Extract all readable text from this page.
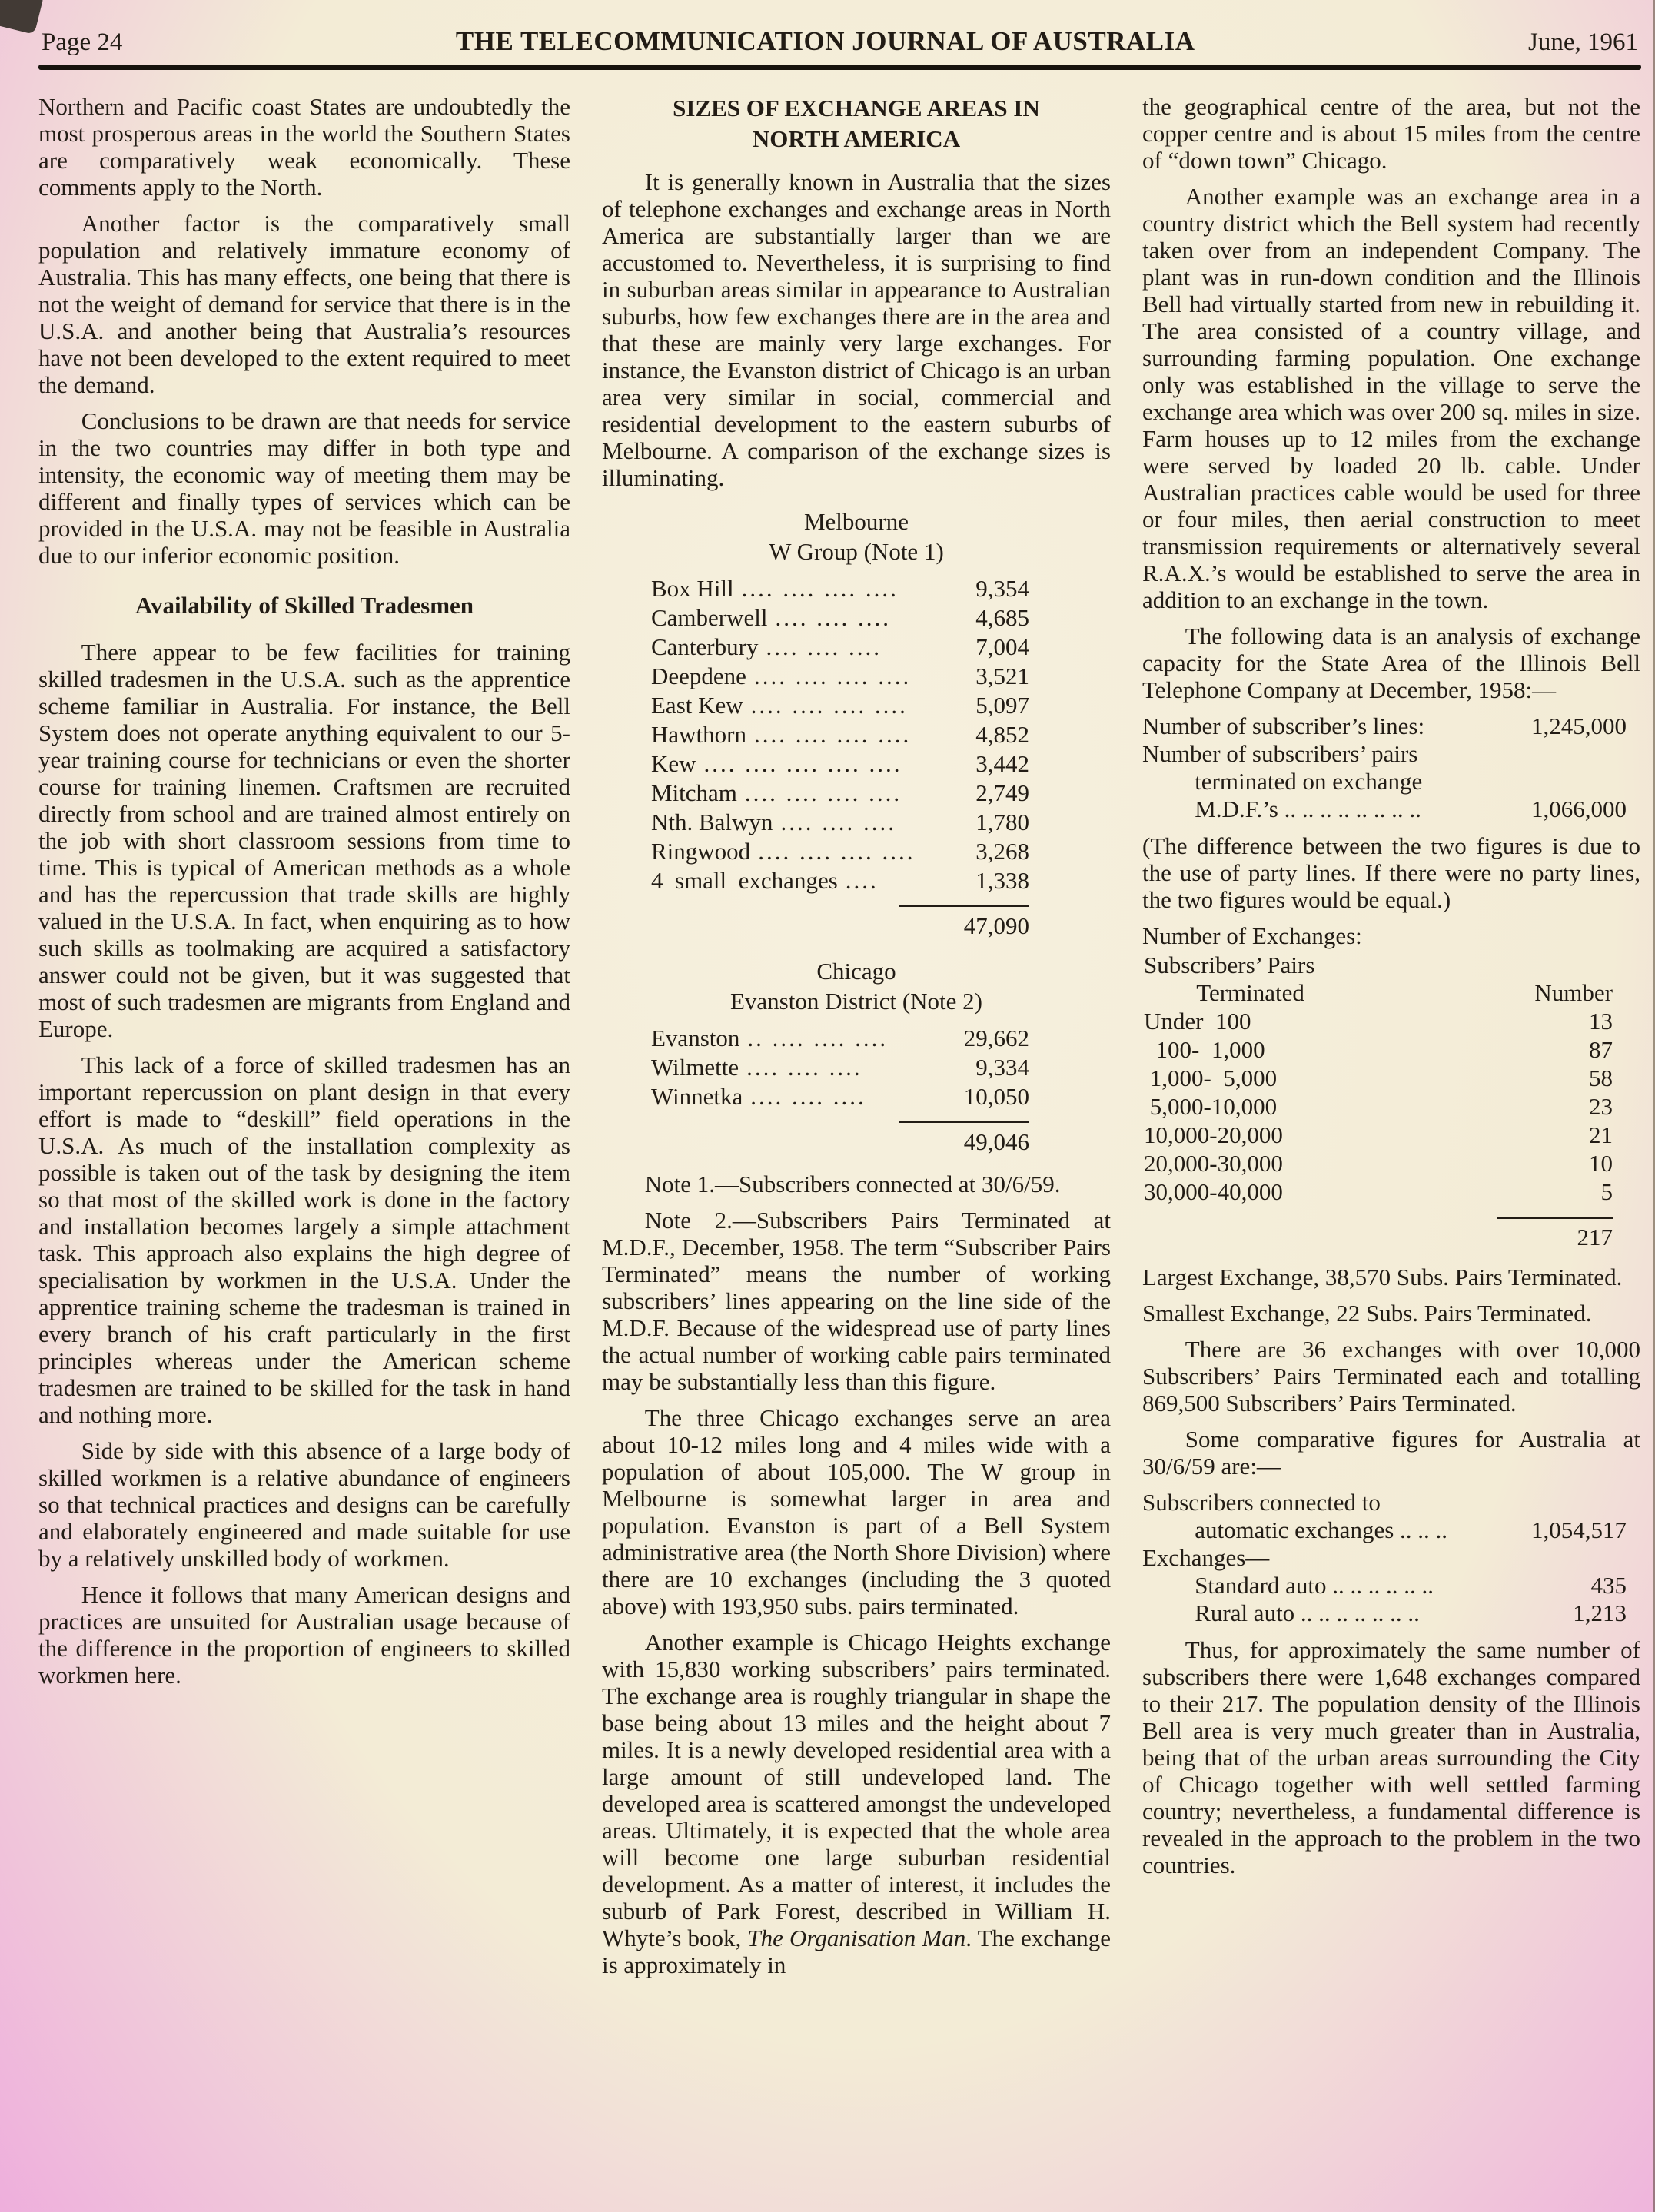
Page 24	THE TELECOMMUNICATION JOURNAL OF AUSTRALIA	June, 1961

Northern and Pacific coast States are undoubtedly the most prosperous areas in the world the Southern States are comparatively weak economically. These comments apply to the North.

Another factor is the comparatively small population and relatively immature economy of Australia. This has many effects, one being that there is not the weight of demand for service that there is in the U.S.A. and another being that Australia’s resources have not been developed to the extent required to meet the demand.

Conclusions to be drawn are that needs for service in the two countries may differ in both type and intensity, the economic way of meeting them may be different and finally types of services which can be provided in the U.S.A. may not be feasible in Australia due to our inferior economic position.

Availability of Skilled Tradesmen

There appear to be few facilities for training skilled tradesmen in the U.S.A. such as the apprentice scheme familiar in Australia. For instance, the Bell System does not operate anything equivalent to our 5-year training course for technicians or even the shorter course for training linemen. Craftsmen are recruited directly from school and are trained almost entirely on the job with short classroom sessions from time to time. This is typical of American methods as a whole and has the repercussion that trade skills are highly valued in the U.S.A. In fact, when enquiring as to how such skills as toolmaking are acquired a satisfactory answer could not be given, but it was suggested that most of such tradesmen are migrants from England and Europe.

This lack of a force of skilled tradesmen has an important repercussion on plant design in that every effort is made to “deskill” field operations in the U.S.A. As much of the installation complexity as possible is taken out of the task by designing the item so that most of the skilled work is done in the factory and installation becomes largely a simple attachment task. This approach also explains the high degree of specialisation by workmen in the U.S.A. Under the apprentice training scheme the tradesman is trained in every branch of his craft particularly in the first principles whereas under the American scheme tradesmen are trained to be skilled for the task in hand and nothing more.

Side by side with this absence of a large body of skilled workmen is a relative abundance of engineers so that technical practices and designs can be carefully and elaborately engineered and made suitable for use by a relatively unskilled body of workmen.

Hence it follows that many American designs and practices are unsuited for Australian usage because of the difference in the proportion of engineers to skilled workmen here.

SIZES OF EXCHANGE AREAS IN
NORTH AMERICA

It is generally known in Australia that the sizes of telephone exchanges and exchange areas in North America are substantially larger than we are accustomed to. Nevertheless, it is surprising to find in suburban areas similar in appearance to Australian suburbs, how few exchanges there are in the area and that these are mainly very large exchanges. For instance, the Evanston district of Chicago is an urban area very similar in social, commercial and residential development to the eastern suburbs of Melbourne. A comparison of the exchange sizes is illuminating.

Melbourne

W Group (Note 1)

Box Hill .... .... .... ....	9,354
Camberwell .... .... ....	4,685
Canterbury .... .... ....	7,004
Deepdene .... .... .... ....	3,521
East Kew .... .... .... ....	5,097
Hawthorn .... .... .... ....	4,852
Kew .... .... .... .... ....	3,442
Mitcham .... .... .... ....	2,749
Nth. Balwyn .... .... ....	1,780
Ringwood .... .... .... ....	3,268
4  small  exchanges ....	1,338
47,090

Chicago

Evanston District (Note 2)

Evanston .. .... .... ....	29,662
Wilmette .... .... ....	9,334
Winnetka .... .... ....	10,050
49,046

Note 1.—Subscribers connected at 30/6/59.

Note 2.—Subscribers Pairs Terminated at M.D.F., December, 1958. The term “Subscriber Pairs Terminated” means the number of working subscribers’ lines appearing on the line side of the M.D.F. Because of the widespread use of party lines the actual number of working cable pairs terminated may be substantially less than this figure.

The three Chicago exchanges serve an area about 10-12 miles long and 4 miles wide with a population of about 105,000. The W group in Melbourne is somewhat larger in area and population. Evanston is part of a Bell System administrative area (the North Shore Division) where there are 10 exchanges (including the 3 quoted above) with 193,950 subs. pairs terminated.

Another example is Chicago Heights exchange with 15,830 working subscribers’ pairs terminated. The exchange area is roughly triangular in shape the base being about 13 miles and the height about 7 miles. It is a newly developed residential area with a large amount of still undeveloped land. The developed area is scattered amongst the undeveloped areas. Ultimately, it is expected that the whole area will become one large suburban residential development. As a matter of interest, it includes the suburb of Park Forest, described in William H. Whyte’s book, The Organisation Man. The exchange is approximately in

the geographical centre of the area, but not the copper centre and is about 15 miles from the centre of “down town” Chicago.

Another example was an exchange area in a country district which the Bell system had recently taken over from an independent Company. The plant was in run-down condition and the Illinois Bell had virtually started from new in rebuilding it. The area consisted of a country village, and surrounding farming population. One exchange only was established in the village to serve the exchange area which was over 200 sq. miles in size. Farm houses up to 12 miles from the exchange were served by loaded 20 lb. cable. Under Australian practices cable would be used for three or four miles, then aerial construction to meet transmission requirements or alternatively several R.A.X.’s would be established to serve the area in addition to an exchange in the town.

The following data is an analysis of exchange capacity for the State Area of the Illinois Bell Telephone Company at December, 1958:—

Number of subscriber’s lines:	1,245,000

Number of subscribers’ pairs

terminated on exchange

M.D.F.’s .. .. .. .. .. .. .. ..	1,066,000

(The difference between the two figures is due to the use of party lines. If there were no party lines, the two figures would be equal.)

Number of Exchanges:

Subscribers’ Pairs

Terminated	Number
Under  100	13
100-  1,000	87
1,000-  5,000	58
5,000-10,000	23
10,000-20,000	21
20,000-30,000	10
30,000-40,000	5
217

Largest Exchange, 38,570 Subs. Pairs Terminated.

Smallest Exchange, 22 Subs. Pairs Terminated.

There are 36 exchanges with over 10,000 Subscribers’ Pairs Terminated each and totalling 869,500 Subscribers’ Pairs Terminated.

Some comparative figures for Australia at 30/6/59 are:—

Subscribers connected to

automatic exchanges .. .. ..	1,054,517

Exchanges—

Standard auto .. .. .. .. .. ..	435
Rural auto .. .. .. .. .. .. ..	1,213

Thus, for approximately the same number of subscribers there were 1,648 exchanges compared to their 217. The population density of the Illinois Bell area is very much greater than in Australia, being that of the urban areas surrounding the City of Chicago together with well settled farming country; nevertheless, a fundamental difference is revealed in the approach to the problem in the two countries.
